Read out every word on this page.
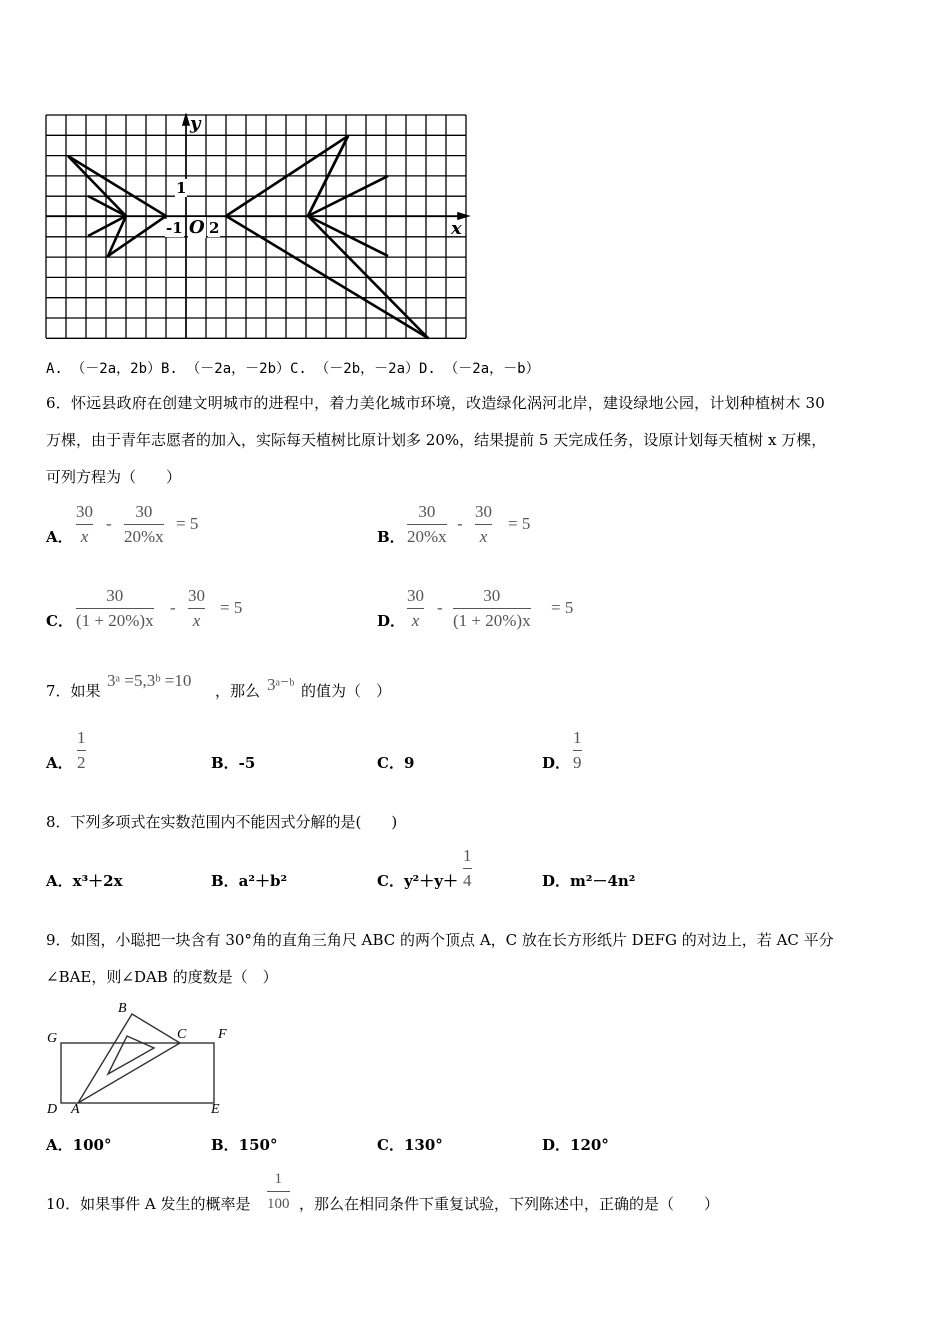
y
x
O
1
-1 2
A. （－2a，2b）B. （－2a，－2b）C. （－2b，－2a）D. （－2a，－b）
6．怀远县政府在创建文明城市的进程中，着力美化城市环境，改造绿化涡河北岸，建设绿地公园，计划种植树木 30
万棵，由于青年志愿者的加入，实际每天植树比原计划多 20%，结果提前 5 天完成任务，设原计划每天植树 x 万棵，
可列方程为（　　）
A．
30
x
-
30
20%x
= 5
B．
30
20%x
-
30
x
= 5
C．
30
(1 + 20%)x
-
30
x
= 5
D．
30
x
-
30
(1 + 20%)x
= 5
7．如果
3ᵃ =5,3ᵇ =10
，那么 3ᵃ⁻ᵇ 的值为（　）
A．
1
2	B．-5	C．9	D．
1
9
8．下列多项式在实数范围内不能因式分解的是(　　)
A．x³＋2x	B．a²＋b²	C．y²＋y＋
1
4	D．m²－4n²
9．如图，小聪把一块含有 30°角的直角三角尺 ABC 的两个顶点 A，C 放在长方形纸片 DEFG 的对边上，若 AC 平分
∠BAE，则∠DAB 的度数是（　）
B
C F
G
D A	E
A．100°	B．150°	C．130°	D．120°
10．如果事件 A 发生的概率是
1
100 ，那么在相同条件下重复试验，下列陈述中，正确的是（　　）
